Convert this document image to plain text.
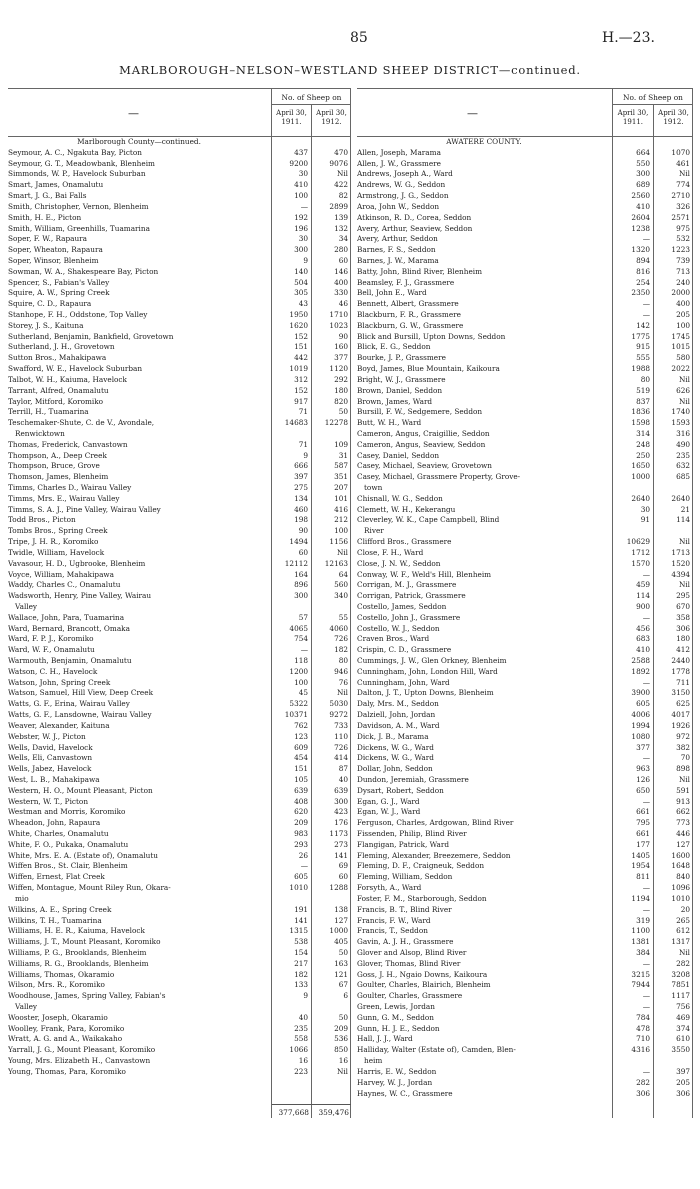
85	H.—23.
MARLBOROUGH–NELSON–WESTLAND SHEEP DISTRICT—continued.
—
No. of Sheep on
April 30, 1911.
April 30, 1912.
Marlborough County—continued.
Seymour, A. C., Ngakuta Bay, Picton	437	470
Seymour, G. T., Meadowbank, Blenheim	9200	9076
Simmonds, W. P., Havelock Suburban	30	Nil
Smart, James, Onamalutu	410	422
Smart, J. G., Bai Falls	100	82
Smith, Christopher, Vernon, Blenheim	—	2899
Smith, H. E., Picton	192	139
Smith, William, Greenhills, Tuamarina	196	132
Soper, F. W., Rapaura	30	34
Soper, Wheaton, Rapaura	300	280
Soper, Winsor, Blenheim	9	60
Sowman, W. A., Shakespeare Bay, Picton	140	146
Spencer, S., Fabian's Valley	504	400
Squire, A. W., Spring Creek	305	330
Squire, C. D., Rapaura	43	46
Stanhope, F. H., Oddstone, Top Valley	1950	1710
Storey, J. S., Kaituna	1620	1023
Sutherland, Benjamin, Bankfield, Grovetown	152	90
Sutherland, J. H., Grovetown	151	160
Sutton Bros., Mahakipawa	442	377
Swafford, W. E., Havelock Suburban	1019	1120
Talbot, W. H., Kaiuma, Havelock	312	292
Tarrant, Alfred, Onamalutu	152	180
Taylor, Mitford, Koromiko	917	820
Terrill, H., Tuamarina	71	50
Teschemaker-Shute, C. de V., Avondale,	14683	12278
Renwicktown
Thomas, Frederick, Canvastown	71	109
Thompson, A., Deep Creek	9	31
Thompson, Bruce, Grove	666	587
Thomson, James, Blenheim	397	351
Timms, Charles D., Wairau Valley	275	207
Timms, Mrs. E., Wairau Valley	134	101
Timms, S. A. J., Pine Valley, Wairau Valley	460	416
Todd Bros., Picton	198	212
Tombs Bros., Spring Creek	90	100
Tripe, J. H. R., Koromiko	1494	1156
Twidle, William, Havelock	60	Nil
Vavasour, H. D., Ugbrooke, Blenheim	12112	12163
Voyce, William, Mahakipawa	164	64
Waddy, Charles C., Onamalutu	896	560
Wadsworth, Henry, Pine Valley, Wairau	300	340
Valley
Wallace, John, Para, Tuamarina	57	55
Ward, Bernard, Brancott, Omaka	4065	4060
Ward, F. P. J., Koromiko	754	726
Ward, W. F., Onamalutu	—	182
Warmouth, Benjamin, Onamalutu	118	80
Watson, C. H., Havelock	1200	946
Watson, John, Spring Creek	100	76
Watson, Samuel, Hill View, Deep Creek	45	Nil
Watts, G. F., Erina, Wairau Valley	5322	5030
Watts, G. F., Lansdowne, Wairau Valley	10371	9272
Weaver, Alexander, Kaituna	762	733
Webster, W. J., Picton	123	110
Wells, David, Havelock	609	726
Wells, Eli, Canvastown	454	414
Wells, Jabez, Havelock	151	87
West, L. B., Mahakipawa	105	40
Western, H. O., Mount Pleasant, Picton	639	639
Western, W. T., Picton	408	300
Westman and Morris, Koromiko	620	423
Wheadon, John, Rapaura	209	176
White, Charles, Onamalutu	983	1173
White, F. O., Pukaka, Onamalutu	293	273
White, Mrs. E. A. (Estate of), Onamalutu	26	141
Wiffen Bros., St. Clair, Blenheim	—	69
Wiffen, Ernest, Flat Creek	605	60
Wiffen, Montague, Mount Riley Run, Okara-	1010	1288
mio
Wilkins, A. E., Spring Creek	191	138
Wilkins, T. H., Tuamarina	141	127
Williams, H. E. R., Kaiuma, Havelock	1315	1000
Williams, J. T., Mount Pleasant, Koromiko	538	405
Williams, P. G., Brooklands, Blenheim	154	50
Williams, R. G., Brooklands, Blenheim	217	163
Williams, Thomas, Okaramio	182	121
Wilson, Mrs. R., Koromiko	133	67
Woodhouse, James, Spring Valley, Fabian's	9	6
Valley
Wooster, Joseph, Okaramio	40	50
Woolley, Frank, Para, Koromiko	235	209
Wratt, A. G. and A., Waikakaho	558	536
Yarrall, J. G., Mount Pleasant, Koromiko	1066	850
Young, Mrs. Elizabeth H., Canvastown	16	16
Young, Thomas, Para, Koromiko	223	Nil
377,668	359,476
—
No. of Sheep on
April 30, 1911.
April 30, 1912.
AWATERE COUNTY.
Allen, Joseph, Marama	664	1070
Allen, J. W., Grassmere	550	461
Andrews, Joseph A., Ward	300	Nil
Andrews, W. G., Seddon	689	774
Armstrong, J. G., Seddon	2560	2710
Aroa, John W., Seddon	410	326
Atkinson, R. D., Corea, Seddon	2604	2571
Avery, Arthur, Seaview, Seddon	1238	975
Avery, Arthur, Seddon	—	532
Barnes, F. S., Seddon	1320	1223
Barnes, J. W., Marama	894	739
Batty, John, Blind River, Blenheim	816	713
Beamsley, F. J., Grassmere	254	240
Bell, John E., Ward	2350	2000
Bennett, Albert, Grassmere	—	400
Blackburn, F. R., Grassmere	—	205
Blackburn, G. W., Grassmere	142	100
Blick and Bursill, Upton Downs, Seddon	1775	1745
Blick, E. G., Seddon	915	1015
Bourke, J. P., Grassmere	555	580
Boyd, James, Blue Mountain, Kaikoura	1988	2022
Bright, W. J., Grassmere	80	Nil
Brown, Daniel, Seddon	519	626
Brown, James, Ward	837	Nil
Bursill, F. W., Sedgemere, Seddon	1836	1740
Butt, W. H., Ward	1598	1593
Cameron, Angus, Craigillie, Seddon	314	316
Cameron, Angus, Seaview, Seddon	248	490
Casey, Daniel, Seddon	250	235
Casey, Michael, Seaview, Grovetown	1650	632
Casey, Michael, Grassmere Property, Grove-	1000	685
town
Chisnall, W. G., Seddon	2640	2640
Clemett, W. H., Kekerangu	30	21
Cleverley, W. K., Cape Campbell, Blind	91	114
River
Clifford Bros., Grassmere	10629	Nil
Close, F. H., Ward	1712	1713
Close, J. N. W., Seddon	1570	1520
Conway, W. F., Weld's Hill, Blenheim	—	4394
Corrigan, M. J., Grassmere	459	Nil
Corrigan, Patrick, Grassmere	114	295
Costello, James, Seddon	900	670
Costello, John J., Grassmere	—	358
Costello, W. J., Seddon	456	306
Craven Bros., Ward	683	180
Crispin, C. D., Grassmere	410	412
Cummings, J. W., Glen Orkney, Blenheim	2588	2440
Cunningham, John, London Hill, Ward	1892	1778
Cunningham, John, Ward	—	711
Dalton, J. T., Upton Downs, Blenheim	3900	3150
Daly, Mrs. M., Seddon	605	625
Dalziell, John, Jordan	4006	4017
Davidson, A. M., Ward	1994	1926
Dick, J. B., Marama	1080	972
Dickens, W. G., Ward	377	382
Dickens, W. G., Ward	—	70
Dollar, John, Seddon	963	898
Dundon, Jeremiah, Grassmere	126	Nil
Dysart, Robert, Seddon	650	591
Egan, G. J., Ward	—	913
Egan, W. J., Ward	661	662
Ferguson, Charles, Ardgowan, Blind River	795	773
Fissenden, Philip, Blind River	661	446
Flangigan, Patrick, Ward	177	127
Fleming, Alexander, Breezemere, Seddon	1405	1600
Fleming, D. F., Craigneuk, Seddon	1954	1648
Fleming, William, Seddon	811	840
Forsyth, A., Ward	—	1096
Foster, F. M., Starborough, Seddon	1194	1010
Francis, B. T., Blind River	—	20
Francis, F. W., Ward	319	265
Francis, T., Seddon	1100	612
Gavin, A. J. H., Grassmere	1381	1317
Glover and Alsop, Blind River	384	Nil
Glover, Thomas, Blind River	—	282
Goss, J. H., Ngaio Downs, Kaikoura	3215	3208
Goulter, Charles, Blairich, Blenheim	7944	7851
Goulter, Charles, Grassmere	—	1117
Green, Lewis, Jordan	—	756
Gunn, G. M., Seddon	784	469
Gunn, H. J. E., Seddon	478	374
Hall, J. J., Ward	710	610
Halliday, Walter (Estate of), Camden, Blen-	4316	3550
heim
Harris, E. W., Seddon	—	397
Harvey, W. J., Jordan	282	205
Haynes, W. C., Grassmere	306	306
